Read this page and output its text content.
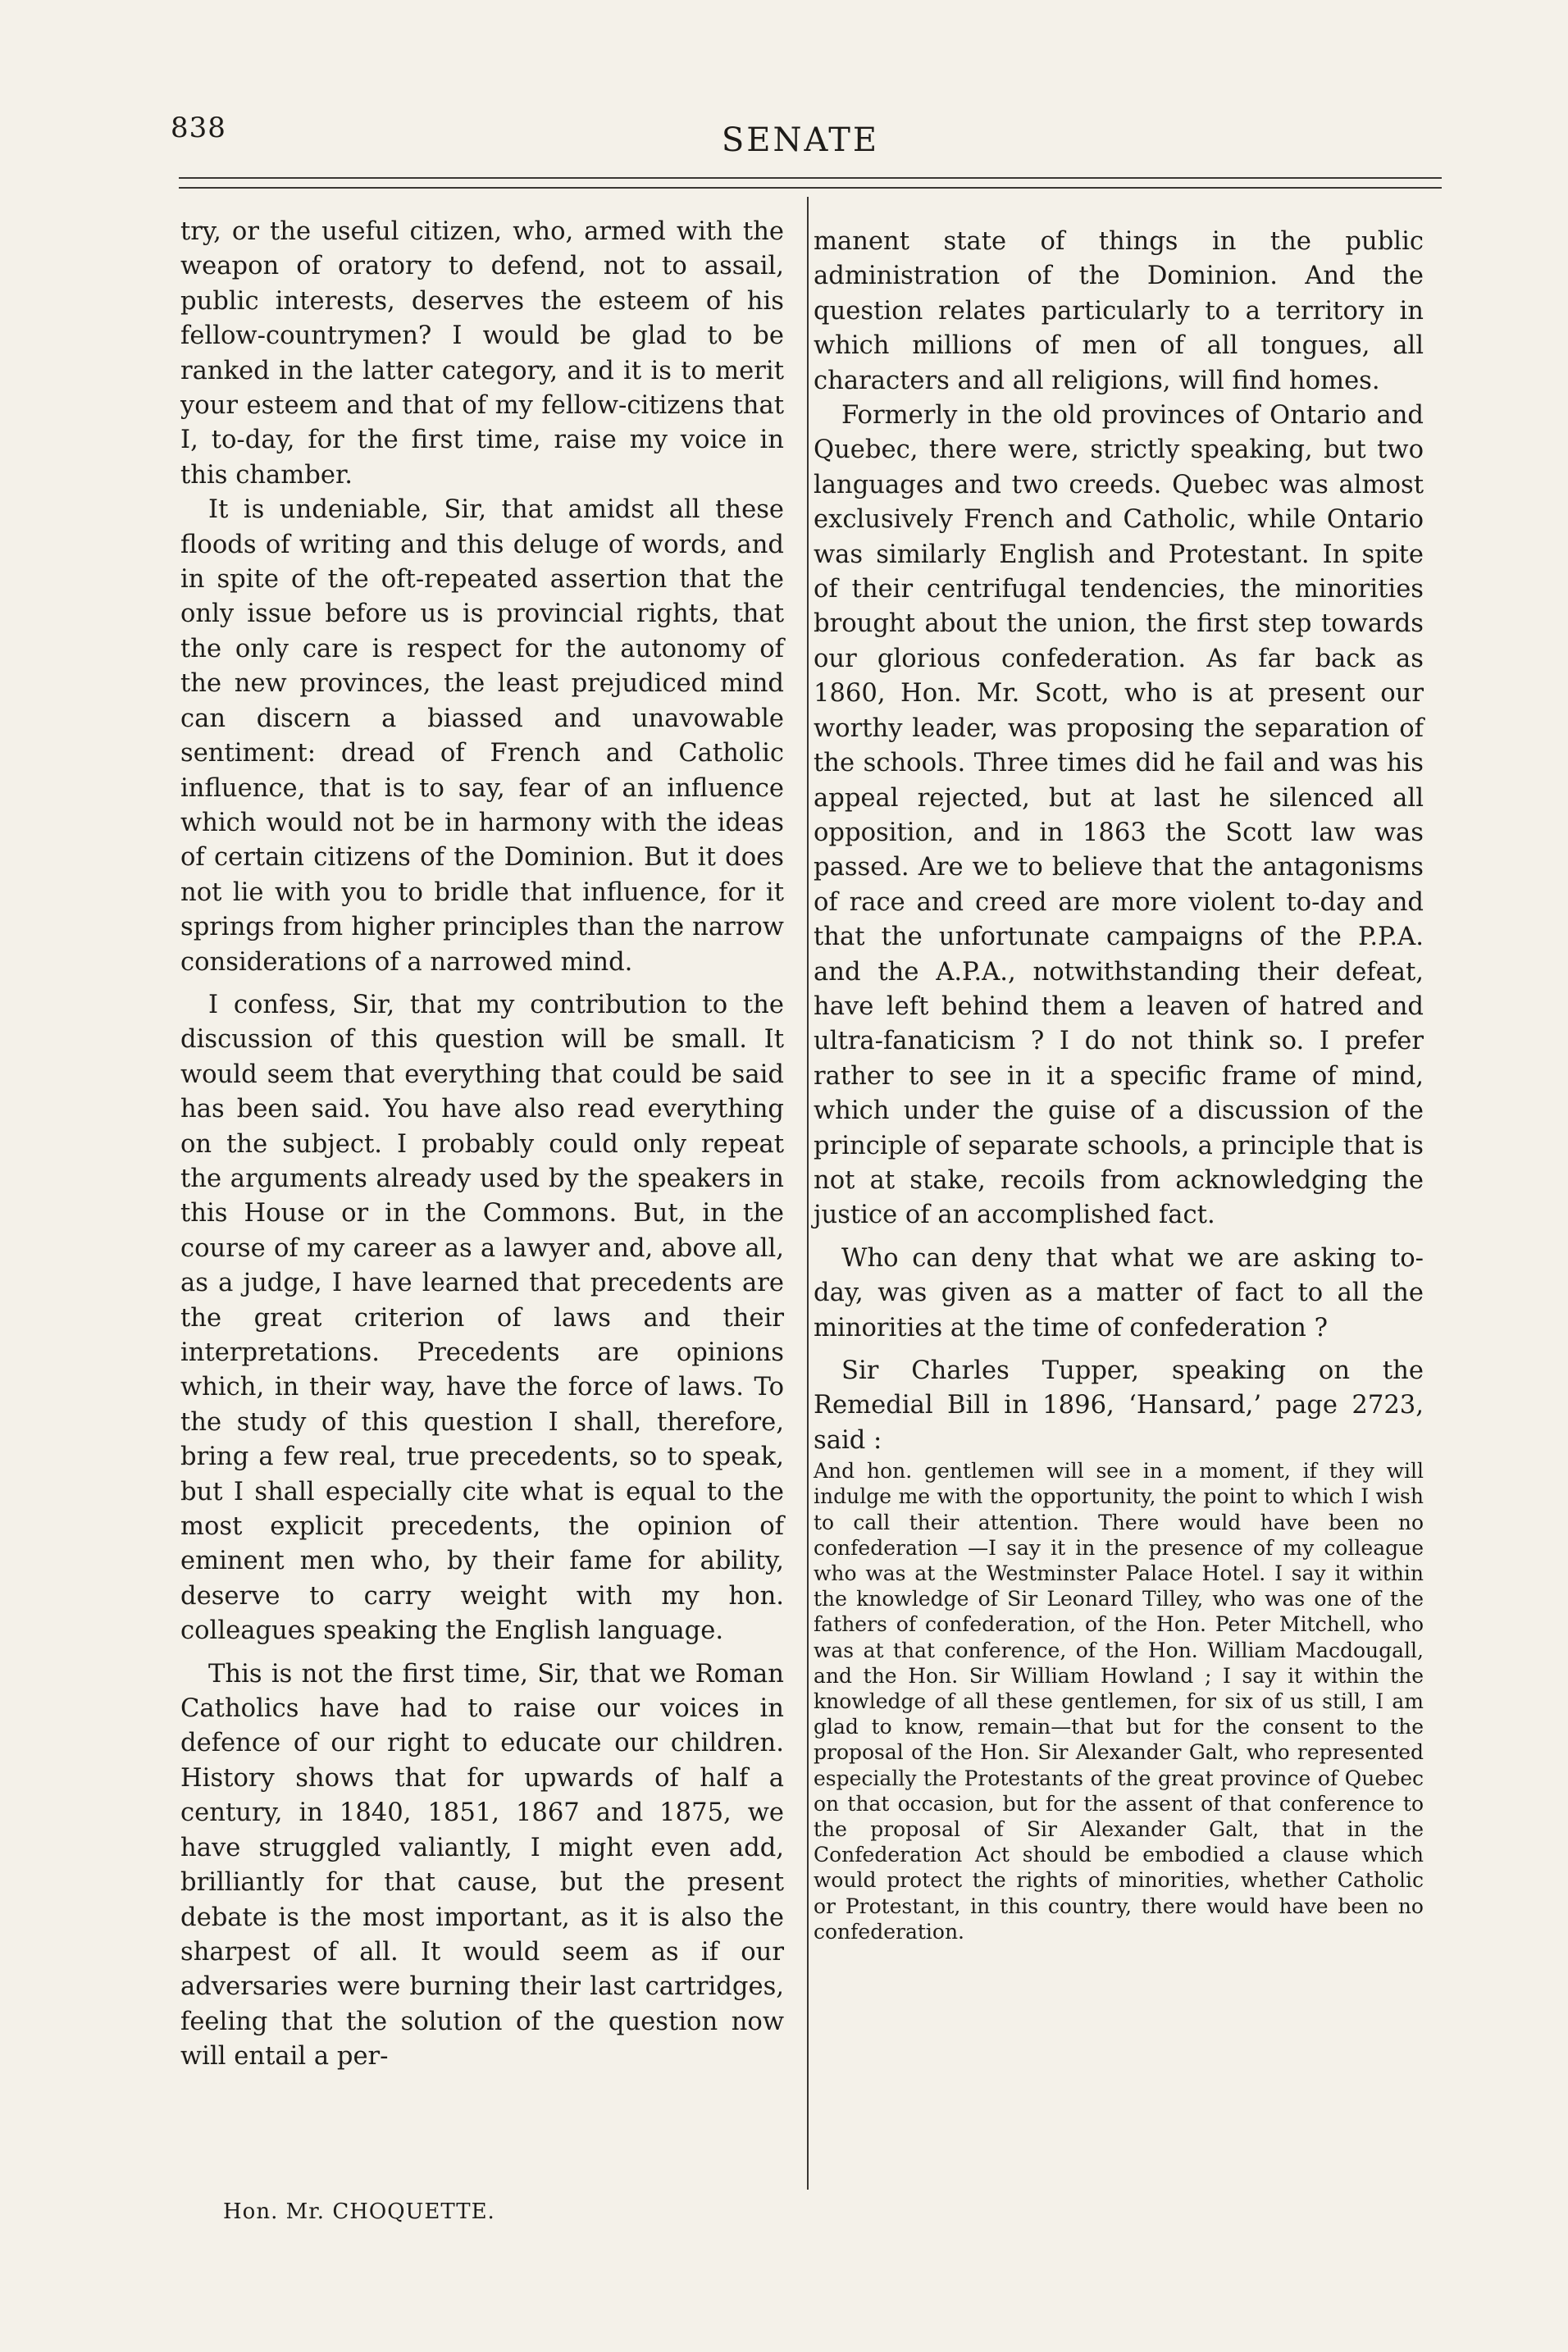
838	SENATE

try, or the useful citizen, who, armed with the weapon of oratory to defend, not to assail, public interests, deserves the esteem of his fellow-countrymen? I would be glad to be ranked in the latter category, and it is to merit your esteem and that of my fellow-citizens that I, to-day, for the first time, raise my voice in this chamber.

It is undeniable, Sir, that amidst all these floods of writing and this deluge of words, and in spite of the oft-repeated assertion that the only issue before us is provincial rights, that the only care is respect for the autonomy of the new provinces, the least prejudiced mind can discern a biassed and unavowable sentiment: dread of French and Catholic influence, that is to say, fear of an influence which would not be in harmony with the ideas of certain citizens of the Dominion. But it does not lie with you to bridle that influence, for it springs from higher principles than the narrow considerations of a narrowed mind.

I confess, Sir, that my contribution to the discussion of this question will be small. It would seem that everything that could be said has been said. You have also read everything on the subject. I probably could only repeat the arguments already used by the speakers in this House or in the Commons. But, in the course of my career as a lawyer and, above all, as a judge, I have learned that precedents are the great criterion of laws and their interpretations. Precedents are opinions which, in their way, have the force of laws. To the study of this question I shall, therefore, bring a few real, true precedents, so to speak, but I shall especially cite what is equal to the most explicit precedents, the opinion of eminent men who, by their fame for ability, deserve to carry weight with my hon. colleagues speaking the English language.

This is not the first time, Sir, that we Roman Catholics have had to raise our voices in defence of our right to educate our children. History shows that for upwards of half a century, in 1840, 1851, 1867 and 1875, we have struggled valiantly, I might even add, brilliantly for that cause, but the present debate is the most important, as it is also the sharpest of all. It would seem as if our adversaries were burning their last cartridges, feeling that the solution of the question now will entail a per-

Hon. Mr. CHOQUETTE.

manent state of things in the public administration of the Dominion. And the question relates particularly to a territory in which millions of men of all tongues, all characters and all religions, will find homes.

Formerly in the old provinces of Ontario and Quebec, there were, strictly speaking, but two languages and two creeds. Quebec was almost exclusively French and Catholic, while Ontario was similarly English and Protestant. In spite of their centrifugal tendencies, the minorities brought about the union, the first step towards our glorious confederation. As far back as 1860, Hon. Mr. Scott, who is at present our worthy leader, was proposing the separation of the schools. Three times did he fail and was his appeal rejected, but at last he silenced all opposition, and in 1863 the Scott law was passed. Are we to believe that the antagonisms of race and creed are more violent to-day and that the unfortunate campaigns of the P.P.A. and the A.P.A., notwithstanding their defeat, have left behind them a leaven of hatred and ultra-fanaticism ? I do not think so. I prefer rather to see in it a specific frame of mind, which under the guise of a discussion of the principle of separate schools, a principle that is not at stake, recoils from acknowledging the justice of an accomplished fact.

Who can deny that what we are asking to-day, was given as a matter of fact to all the minorities at the time of confederation ?

Sir Charles Tupper, speaking on the Remedial Bill in 1896, ‘Hansard,’ page 2723, said :

And hon. gentlemen will see in a moment, if they will indulge me with the opportunity, the point to which I wish to call their attention. There would have been no confederation —I say it in the presence of my colleague who was at the Westminster Palace Hotel. I say it within the knowledge of Sir Leonard Tilley, who was one of the fathers of confederation, of the Hon. Peter Mitchell, who was at that conference, of the Hon. William Macdougall, and the Hon. Sir William Howland ; I say it within the knowledge of all these gentlemen, for six of us still, I am glad to know, remain—that but for the consent to the proposal of the Hon. Sir Alexander Galt, who represented especially the Protestants of the great province of Quebec on that occasion, but for the assent of that conference to the proposal of Sir Alexander Galt, that in the Confederation Act should be embodied a clause which would protect the rights of minorities, whether Catholic or Protestant, in this country, there would have been no confederation.
